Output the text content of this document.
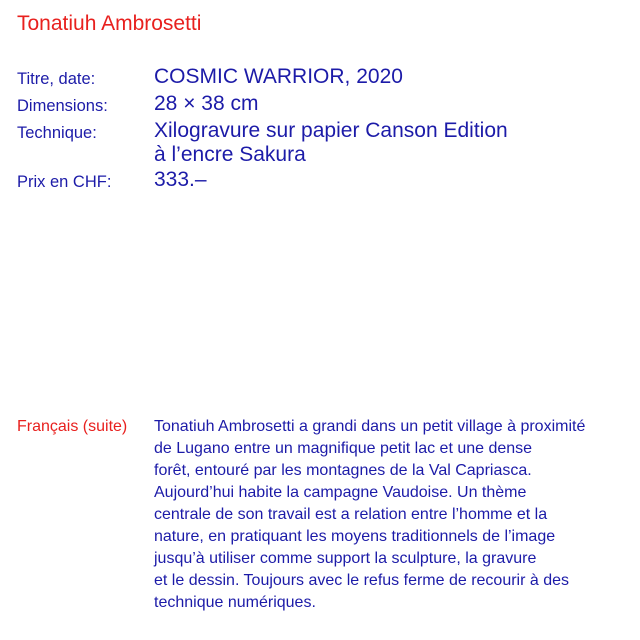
Tonatiuh Ambrosetti
Titre, date:	COSMIC WARRIOR, 2020
Dimensions:	28 × 38 cm
Technique:	Xilogravure sur papier Canson Edition
à l’encre Sakura
Prix en CHF:	333.–
Français (suite)	Tonatiuh Ambrosetti a grandi dans un petit village à proximité
de Lugano entre un magnifique petit lac et une dense
forêt, entouré par les montagnes de la Val Capriasca.
Aujourd’hui habite la campagne Vaudoise. Un thème
centrale de son travail est a relation entre l’homme et la
nature, en pratiquant les moyens traditionnels de l’image
jusqu’à utiliser comme support la sculpture, la gravure
et le dessin. Toujours avec le refus ferme de recourir à des
technique numériques.
